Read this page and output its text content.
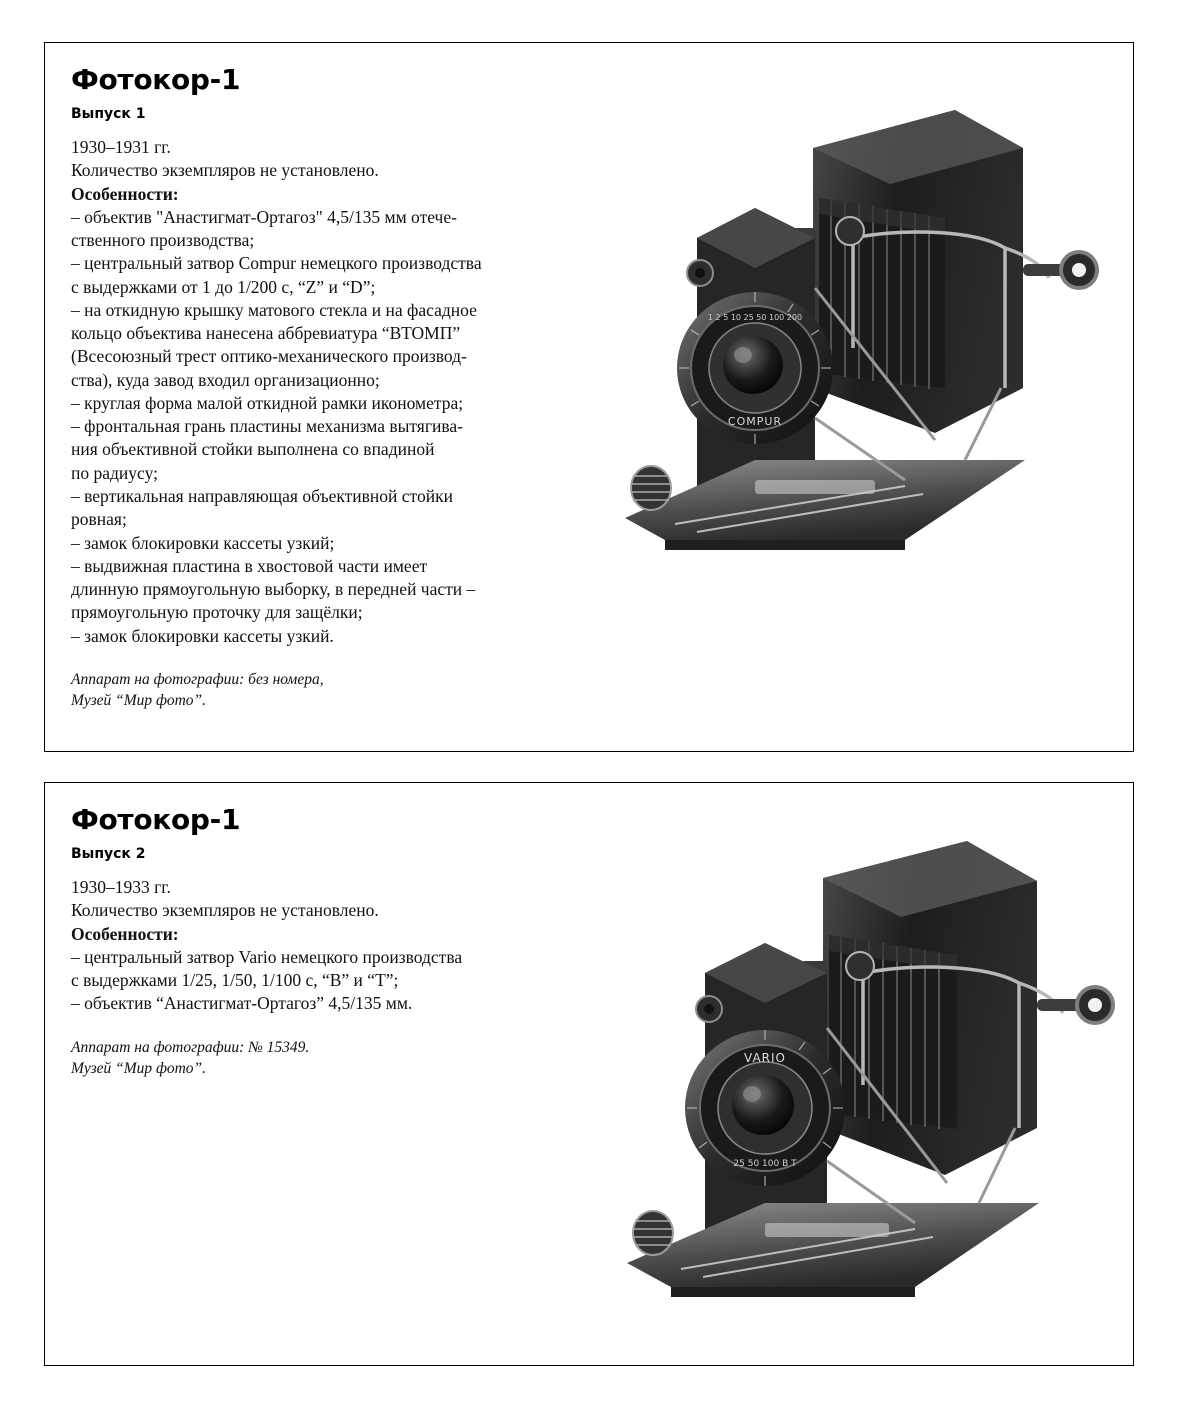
Фотокор-1
Выпуск 1

1930–1931 гг.

Количество экземпляров не установлено.

Особенности:

– объектив "Анастигмат-Ортагоз" 4,5/135 мм отече-

ственного производства;

– центральный затвор Compur немецкого производства

с выдержками от 1 до 1/200 с, “Z” и “D”;

– на откидную крышку матового стекла и на фасадное

кольцо объектива нанесена аббревиатура “ВТОМП”

(Всесоюзный трест оптико-механического производ-

ства), куда завод входил организационно;

– круглая форма малой откидной рамки иконометра;

– фронтальная грань пластины механизма вытягива-

ния объективной стойки выполнена со впадиной

по радиусу;

– вертикальная направляющая объективной стойки

ровная;

– замок блокировки кассеты узкий;

– выдвижная пластина в хвостовой части имеет

длинную прямоугольную выборку, в передней части –

прямоугольную проточку для защёлки;

– замок блокировки кассеты узкий.

Аппарат на фотографии: без номера,

Музей “Мир фото”.

COMPUR
1 2 5 10 25 50 100 200
Фотокор-1
Выпуск 2

1930–1933 гг.

Количество экземпляров не установлено.

Особенности:

– центральный затвор Vario немецкого производства

с выдержками 1/25, 1/50, 1/100 с, “B” и “T”;

– объектив “Анастигмат-Ортагоз” 4,5/135 мм.

Аппарат на фотографии: № 15349.

Музей “Мир фото”.

VARIO
25 50 100 B T
